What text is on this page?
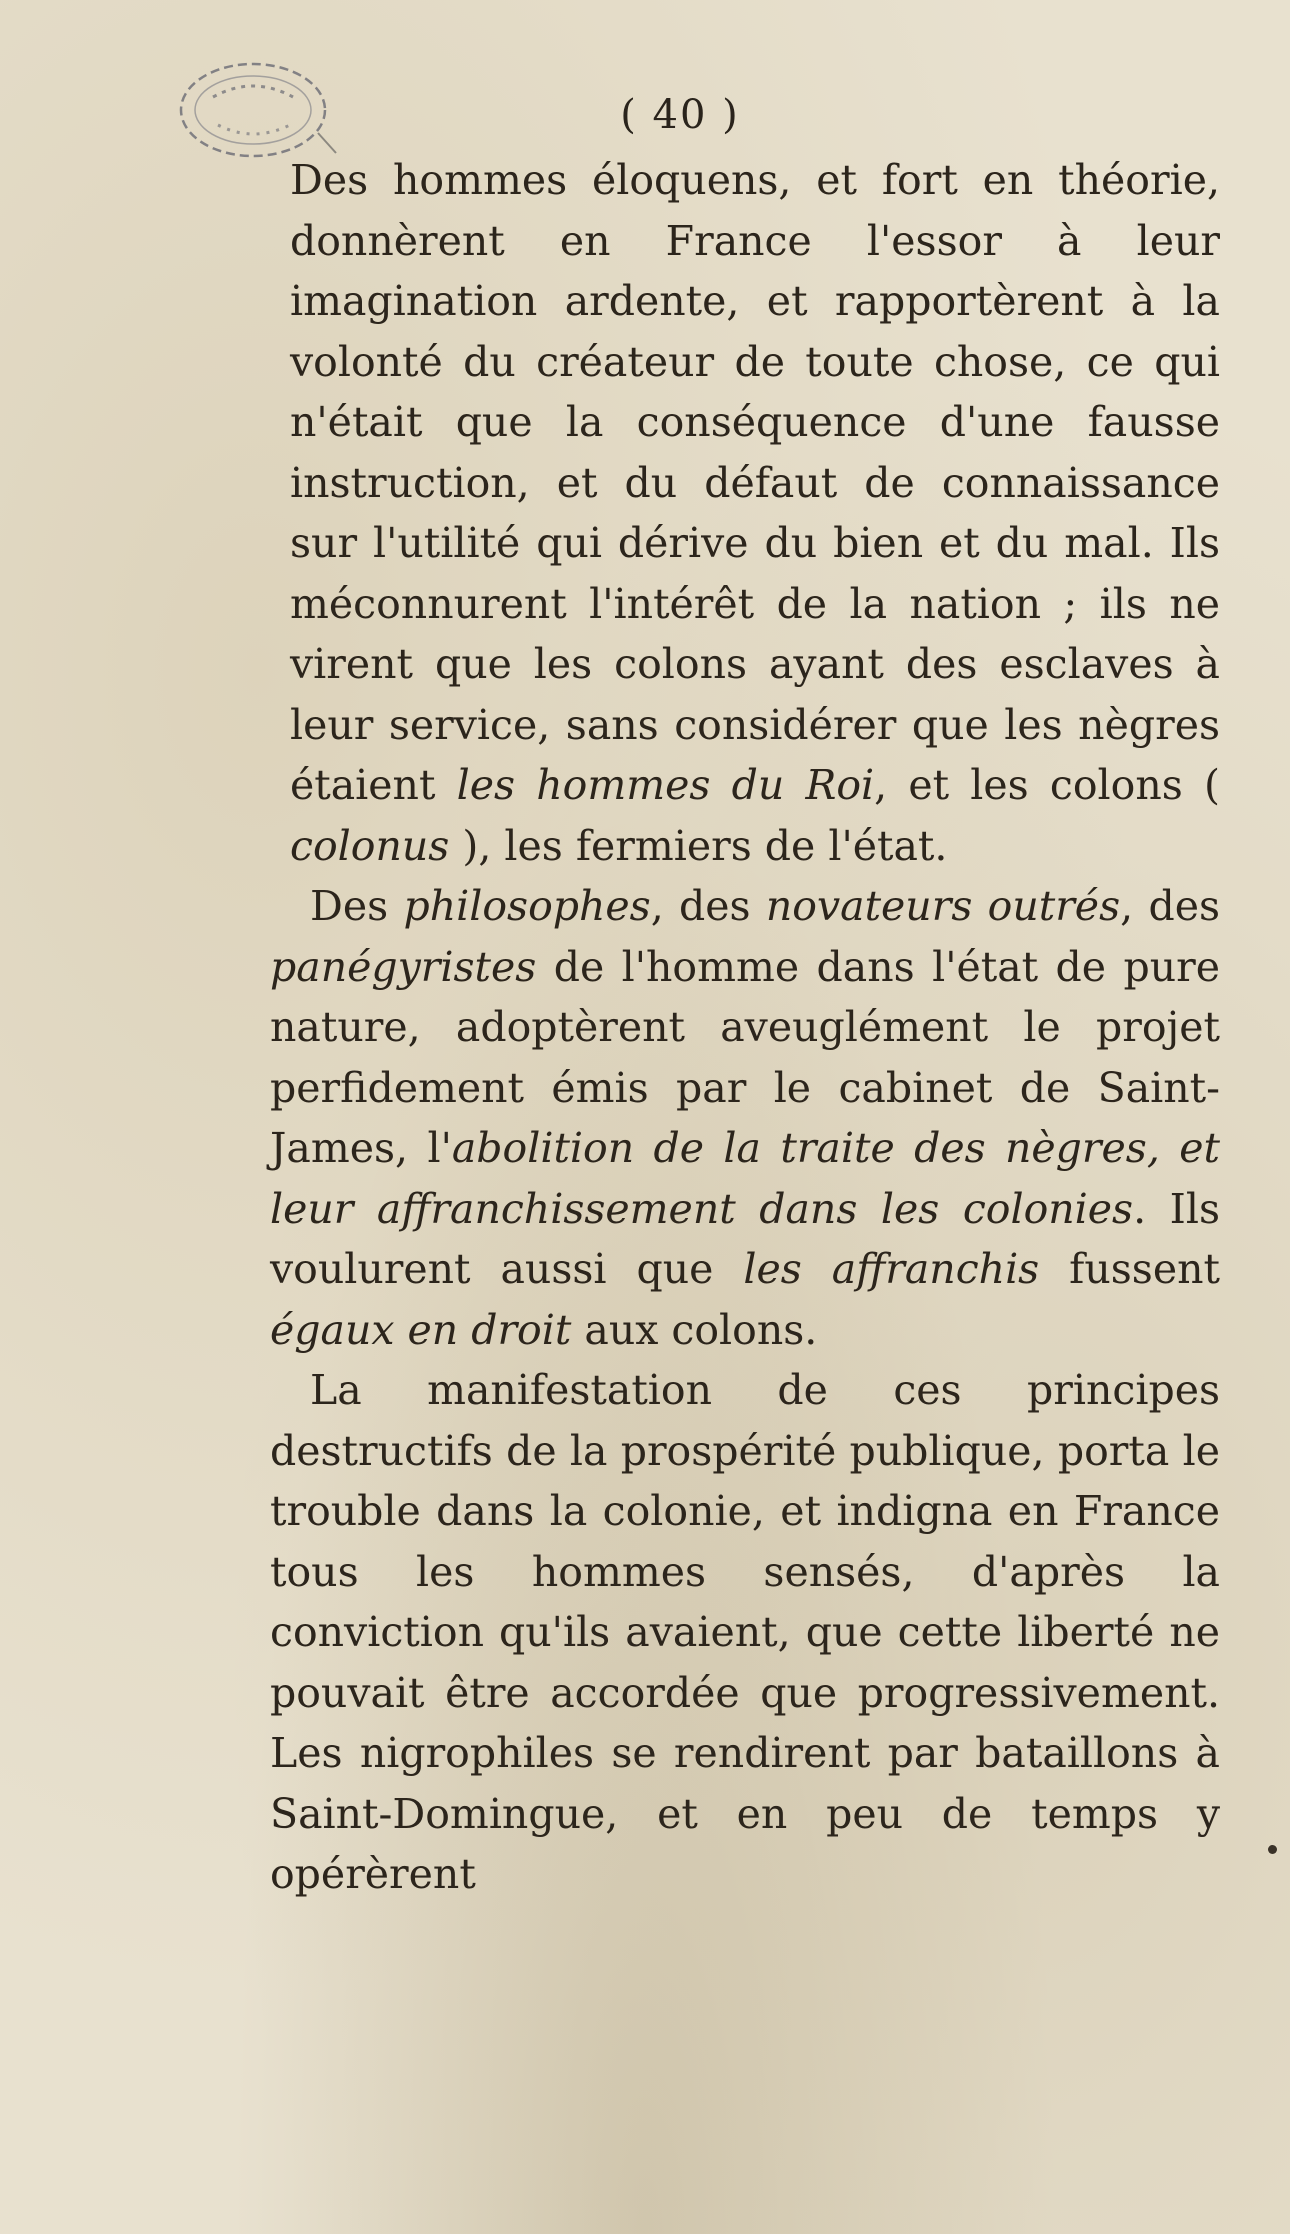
( 40 )

Des hommes éloquens, et fort en théorie, donnèrent en France l'essor à leur imagination ardente, et rapportèrent à la volonté du créateur de toute chose, ce qui n'était que la conséquence d'une fausse instruction, et du défaut de connaissance sur l'utilité qui dérive du bien et du mal. Ils méconnurent l'intérêt de la nation ; ils ne virent que les colons ayant des esclaves à leur service, sans considérer que les nègres étaient les hommes du Roi, et les colons ( colonus ), les fermiers de l'état.

Des philosophes, des novateurs outrés, des panégyristes de l'homme dans l'état de pure nature, adoptèrent aveuglément le projet perfidement émis par le cabinet de Saint-James, l'abolition de la traite des nègres, et leur affranchissement dans les colonies. Ils voulurent aussi que les affranchis fussent égaux en droit aux colons.

La manifestation de ces principes destructifs de la prospérité publique, porta le trouble dans la colonie, et indigna en France tous les hommes sensés, d'après la conviction qu'ils avaient, que cette liberté ne pouvait être accordée que progressivement. Les nigrophiles se rendirent par bataillons à Saint-Domingue, et en peu de temps y opérèrent
